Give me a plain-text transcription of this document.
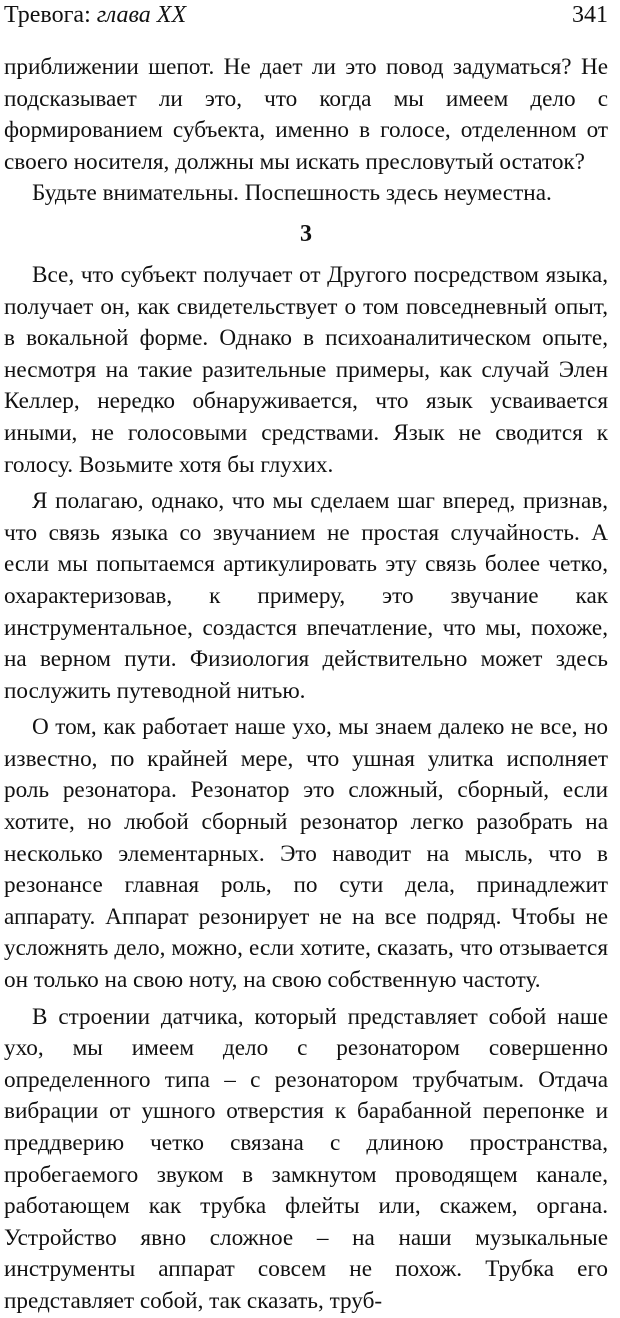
Тревога: глава XX	341

приближении шепот. Не дает ли это повод задуматься? Не подсказывает ли это, что когда мы имеем дело с формированием субъекта, именно в голосе, отделенном от своего носителя, должны мы искать пресловутый остаток?

Будьте внимательны. Поспешность здесь неуместна.

3

Все, что субъект получает от Другого посредством языка, получает он, как свидетельствует о том повседневный опыт, в вокальной форме. Однако в психоаналитическом опыте, несмотря на такие разительные примеры, как случай Элен Келлер, нередко обнаруживается, что язык усваивается иными, не голосовыми средствами. Язык не сводится к голосу. Возьмите хотя бы глухих.

Я полагаю, однако, что мы сделаем шаг вперед, признав, что связь языка со звучанием не простая случайность. А если мы попытаемся артикулировать эту связь более четко, охарактеризовав, к примеру, это звучание как инструментальное, создастся впечатление, что мы, похоже, на верном пути. Физиология действительно может здесь послужить путеводной нитью.

О том, как работает наше ухо, мы знаем далеко не все, но известно, по крайней мере, что ушная улитка исполняет роль резонатора. Резонатор это сложный, сборный, если хотите, но любой сборный резонатор легко разобрать на несколько элементарных. Это наводит на мысль, что в резонансе главная роль, по сути дела, принадлежит аппарату. Аппарат резонирует не на все подряд. Чтобы не усложнять дело, можно, если хотите, сказать, что отзывается он только на свою ноту, на свою собственную частоту.

В строении датчика, который представляет собой наше ухо, мы имеем дело с резонатором совершенно определенного типа – с резонатором трубчатым. Отдача вибрации от ушного отверстия к барабанной перепонке и преддверию четко связана с длиною пространства, пробегаемого звуком в замкнутом проводящем канале, работающем как трубка флейты или, скажем, органа. Устройство явно сложное – на наши музыкальные инструменты аппарат совсем не похож. Трубка его представляет собой, так сказать, труб-
